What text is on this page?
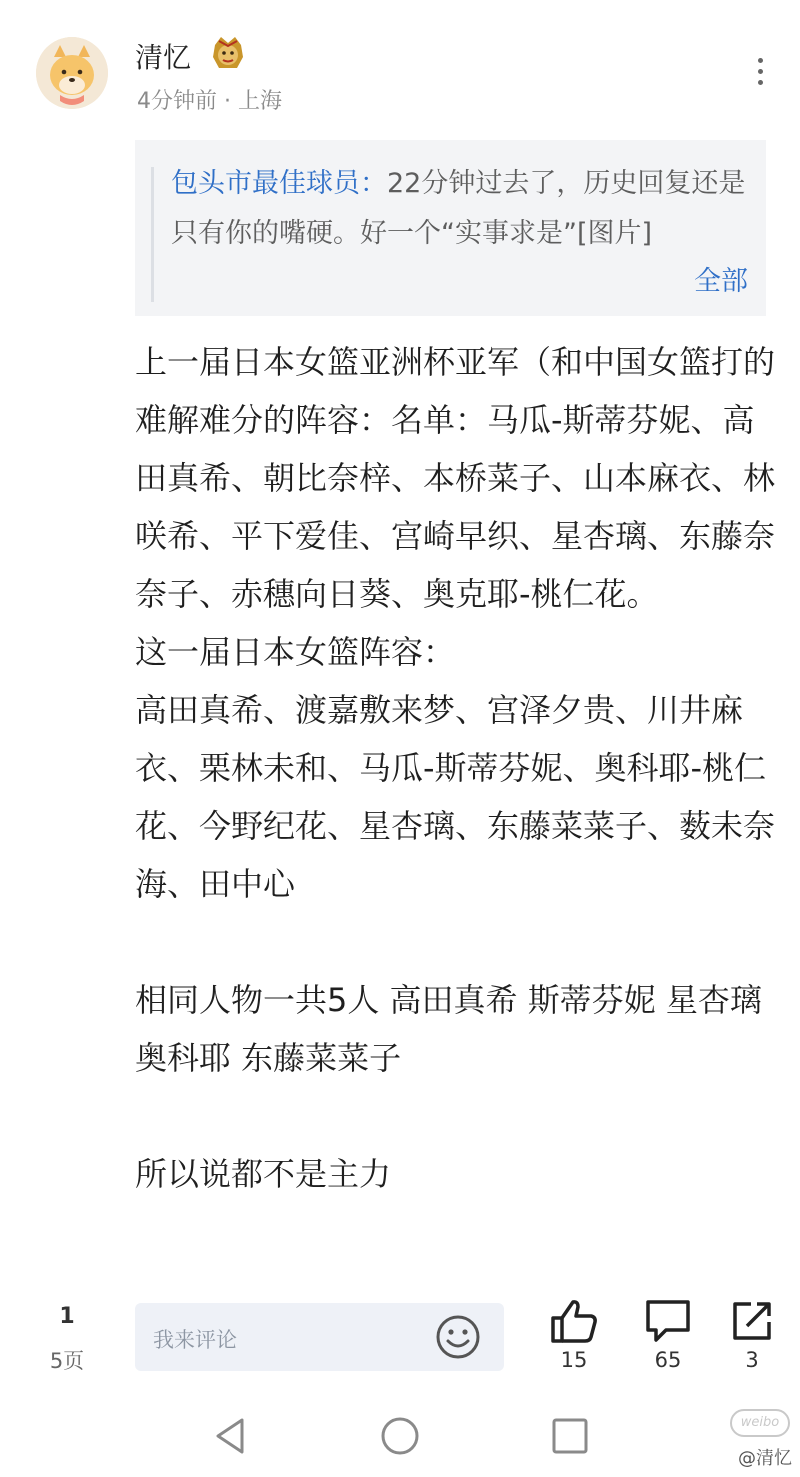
清忆
4分钟前 · 上海
包头市最佳球员：22分钟过去了，历史回复还是只有你的嘴硬。好一个“实事求是”[图片]
全部

上一届日本女篮亚洲杯亚军（和中国女篮打的难解难分的阵容：名单：马瓜-斯蒂芬妮、高田真希、朝比奈梓、本桥菜子、山本麻衣、林咲希、平下爱佳、宫崎早织、星杏璃、东藤奈奈子、赤穗向日葵、奥克耶-桃仁花。

这一届日本女篮阵容：

高田真希、渡嘉敷来梦、宫泽夕贵、川井麻衣、栗林未和、马瓜-斯蒂芬妮、奥科耶-桃仁花、今野纪花、星杏璃、东藤菜菜子、薮未奈海、田中心

相同人物一共5人 高田真希 斯蒂芬妮 星杏璃 奥科耶 东藤菜菜子

所以说都不是主力

1
5页
我来评论
15	65	3
weibo
@清忆
